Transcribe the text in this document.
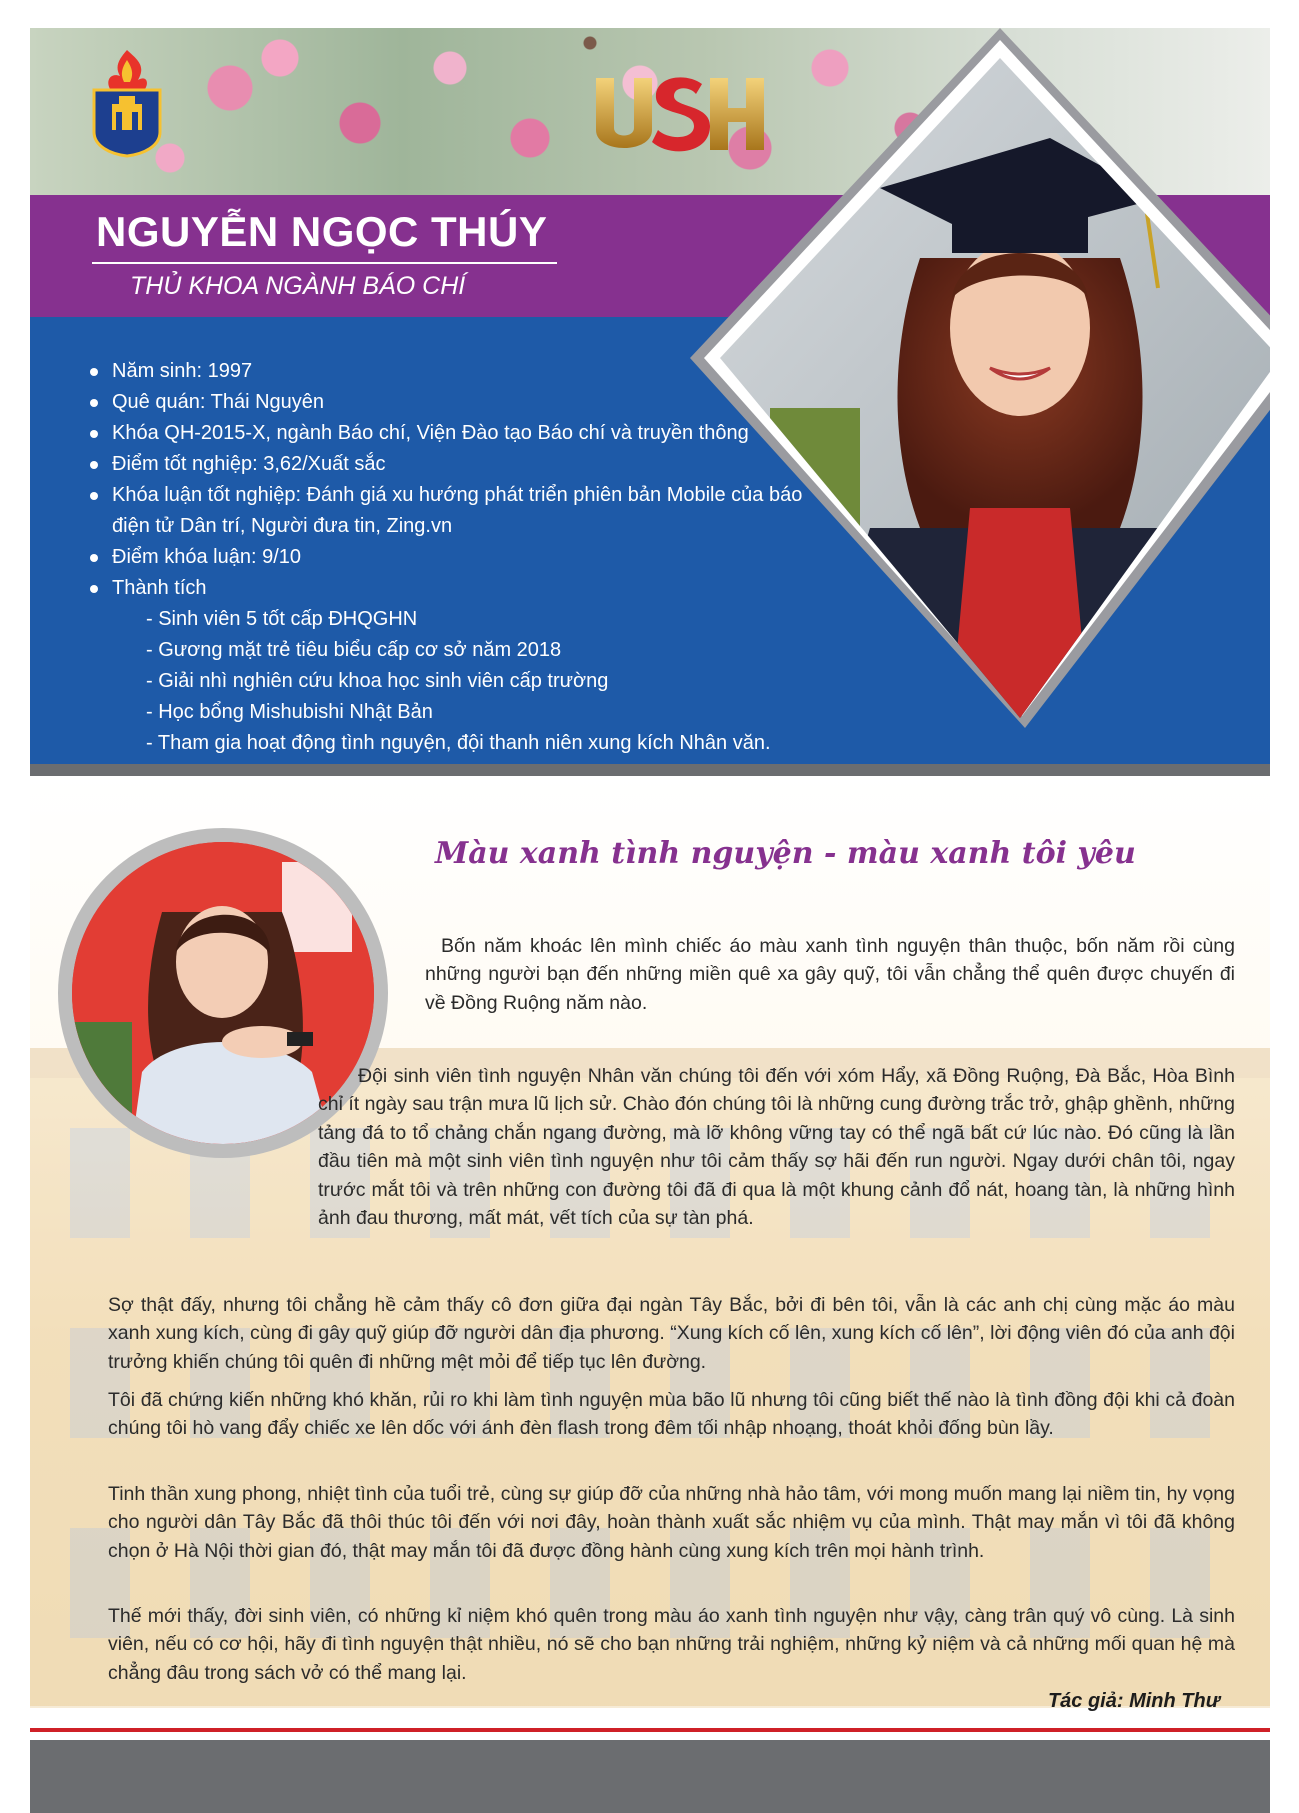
NGUYỄN NGỌC THÚY
THỦ KHOA NGÀNH BÁO CHÍ
Năm sinh: 1997
Quê quán: Thái Nguyên
Khóa QH-2015-X, ngành Báo chí, Viện Đào tạo Báo chí và truyền thông
Điểm tốt nghiệp: 3,62/Xuất sắc
Khóa luận tốt nghiệp: Đánh giá xu hướng phát triển phiên bản Mobile của báo
điện tử Dân trí, Người đưa tin, Zing.vn
Điểm khóa luận: 9/10
Thành tích
- Sinh viên 5 tốt cấp ĐHQGHN
- Gương mặt trẻ tiêu biểu cấp cơ sở năm 2018
- Giải nhì nghiên cứu khoa học sinh viên cấp trường
- Học bổng Mishubishi Nhật Bản
- Tham gia hoạt động tình nguyện, đội thanh niên xung kích Nhân văn.
Màu xanh tình nguyện - màu xanh tôi yêu

Bốn năm khoác lên mình chiếc áo màu xanh tình nguyện thân thuộc, bốn năm rồi cùng những người bạn đến những miền quê xa gây quỹ, tôi vẫn chẳng thể quên được chuyến đi về Đồng Ruộng năm nào.

Đội sinh viên tình nguyện Nhân văn chúng tôi đến với xóm Hẩy, xã Đồng Ruộng, Đà Bắc, Hòa Bình chỉ ít ngày sau trận mưa lũ lịch sử. Chào đón chúng tôi là những cung đường trắc trở, ghập ghềnh, những tảng đá to tổ chảng chắn ngang đường, mà lỡ không vững tay có thể ngã bất cứ lúc nào. Đó cũng là lần đầu tiên mà một sinh viên tình nguyện như tôi cảm thấy sợ hãi đến run người. Ngay dưới chân tôi, ngay trước mắt tôi và trên những con đường tôi đã đi qua là một khung cảnh đổ nát, hoang tàn, là những hình ảnh đau thương, mất mát, vết tích của sự tàn phá.

Sợ thật đấy, nhưng tôi chẳng hề cảm thấy cô đơn giữa đại ngàn Tây Bắc, bởi đi bên tôi, vẫn là các anh chị cùng mặc áo màu xanh xung kích, cùng đi gây quỹ giúp đỡ người dân địa phương. “Xung kích cố lên, xung kích cố lên”, lời động viên đó của anh đội trưởng khiến chúng tôi quên đi những mệt mỏi để tiếp tục lên đường.

Tôi đã chứng kiến những khó khăn, rủi ro khi làm tình nguyện mùa bão lũ nhưng tôi cũng biết thế nào là tình đồng đội khi cả đoàn chúng tôi hò vang đẩy chiếc xe lên dốc với ánh đèn flash trong đêm tối nhập nhoạng, thoát khỏi đống bùn lầy.

Tinh thần xung phong, nhiệt tình của tuổi trẻ, cùng sự giúp đỡ của những nhà hảo tâm, với mong muốn mang lại niềm tin, hy vọng cho người dân Tây Bắc đã thôi thúc tôi đến với nơi đây, hoàn thành xuất sắc nhiệm vụ của mình. Thật may mắn vì tôi đã không chọn ở Hà Nội thời gian đó, thật may mắn tôi đã được đồng hành cùng xung kích trên mọi hành trình.

Thế mới thấy, đời sinh viên, có những kỉ niệm khó quên trong màu áo xanh tình nguyện như vậy, càng trân quý vô cùng. Là sinh viên, nếu có cơ hội, hãy đi tình nguyện thật nhiều, nó sẽ cho bạn những trải nghiệm, những kỷ niệm và cả những mối quan hệ mà chẳng đâu trong sách vở có thể mang lại.

Tác giả: Minh Thư
